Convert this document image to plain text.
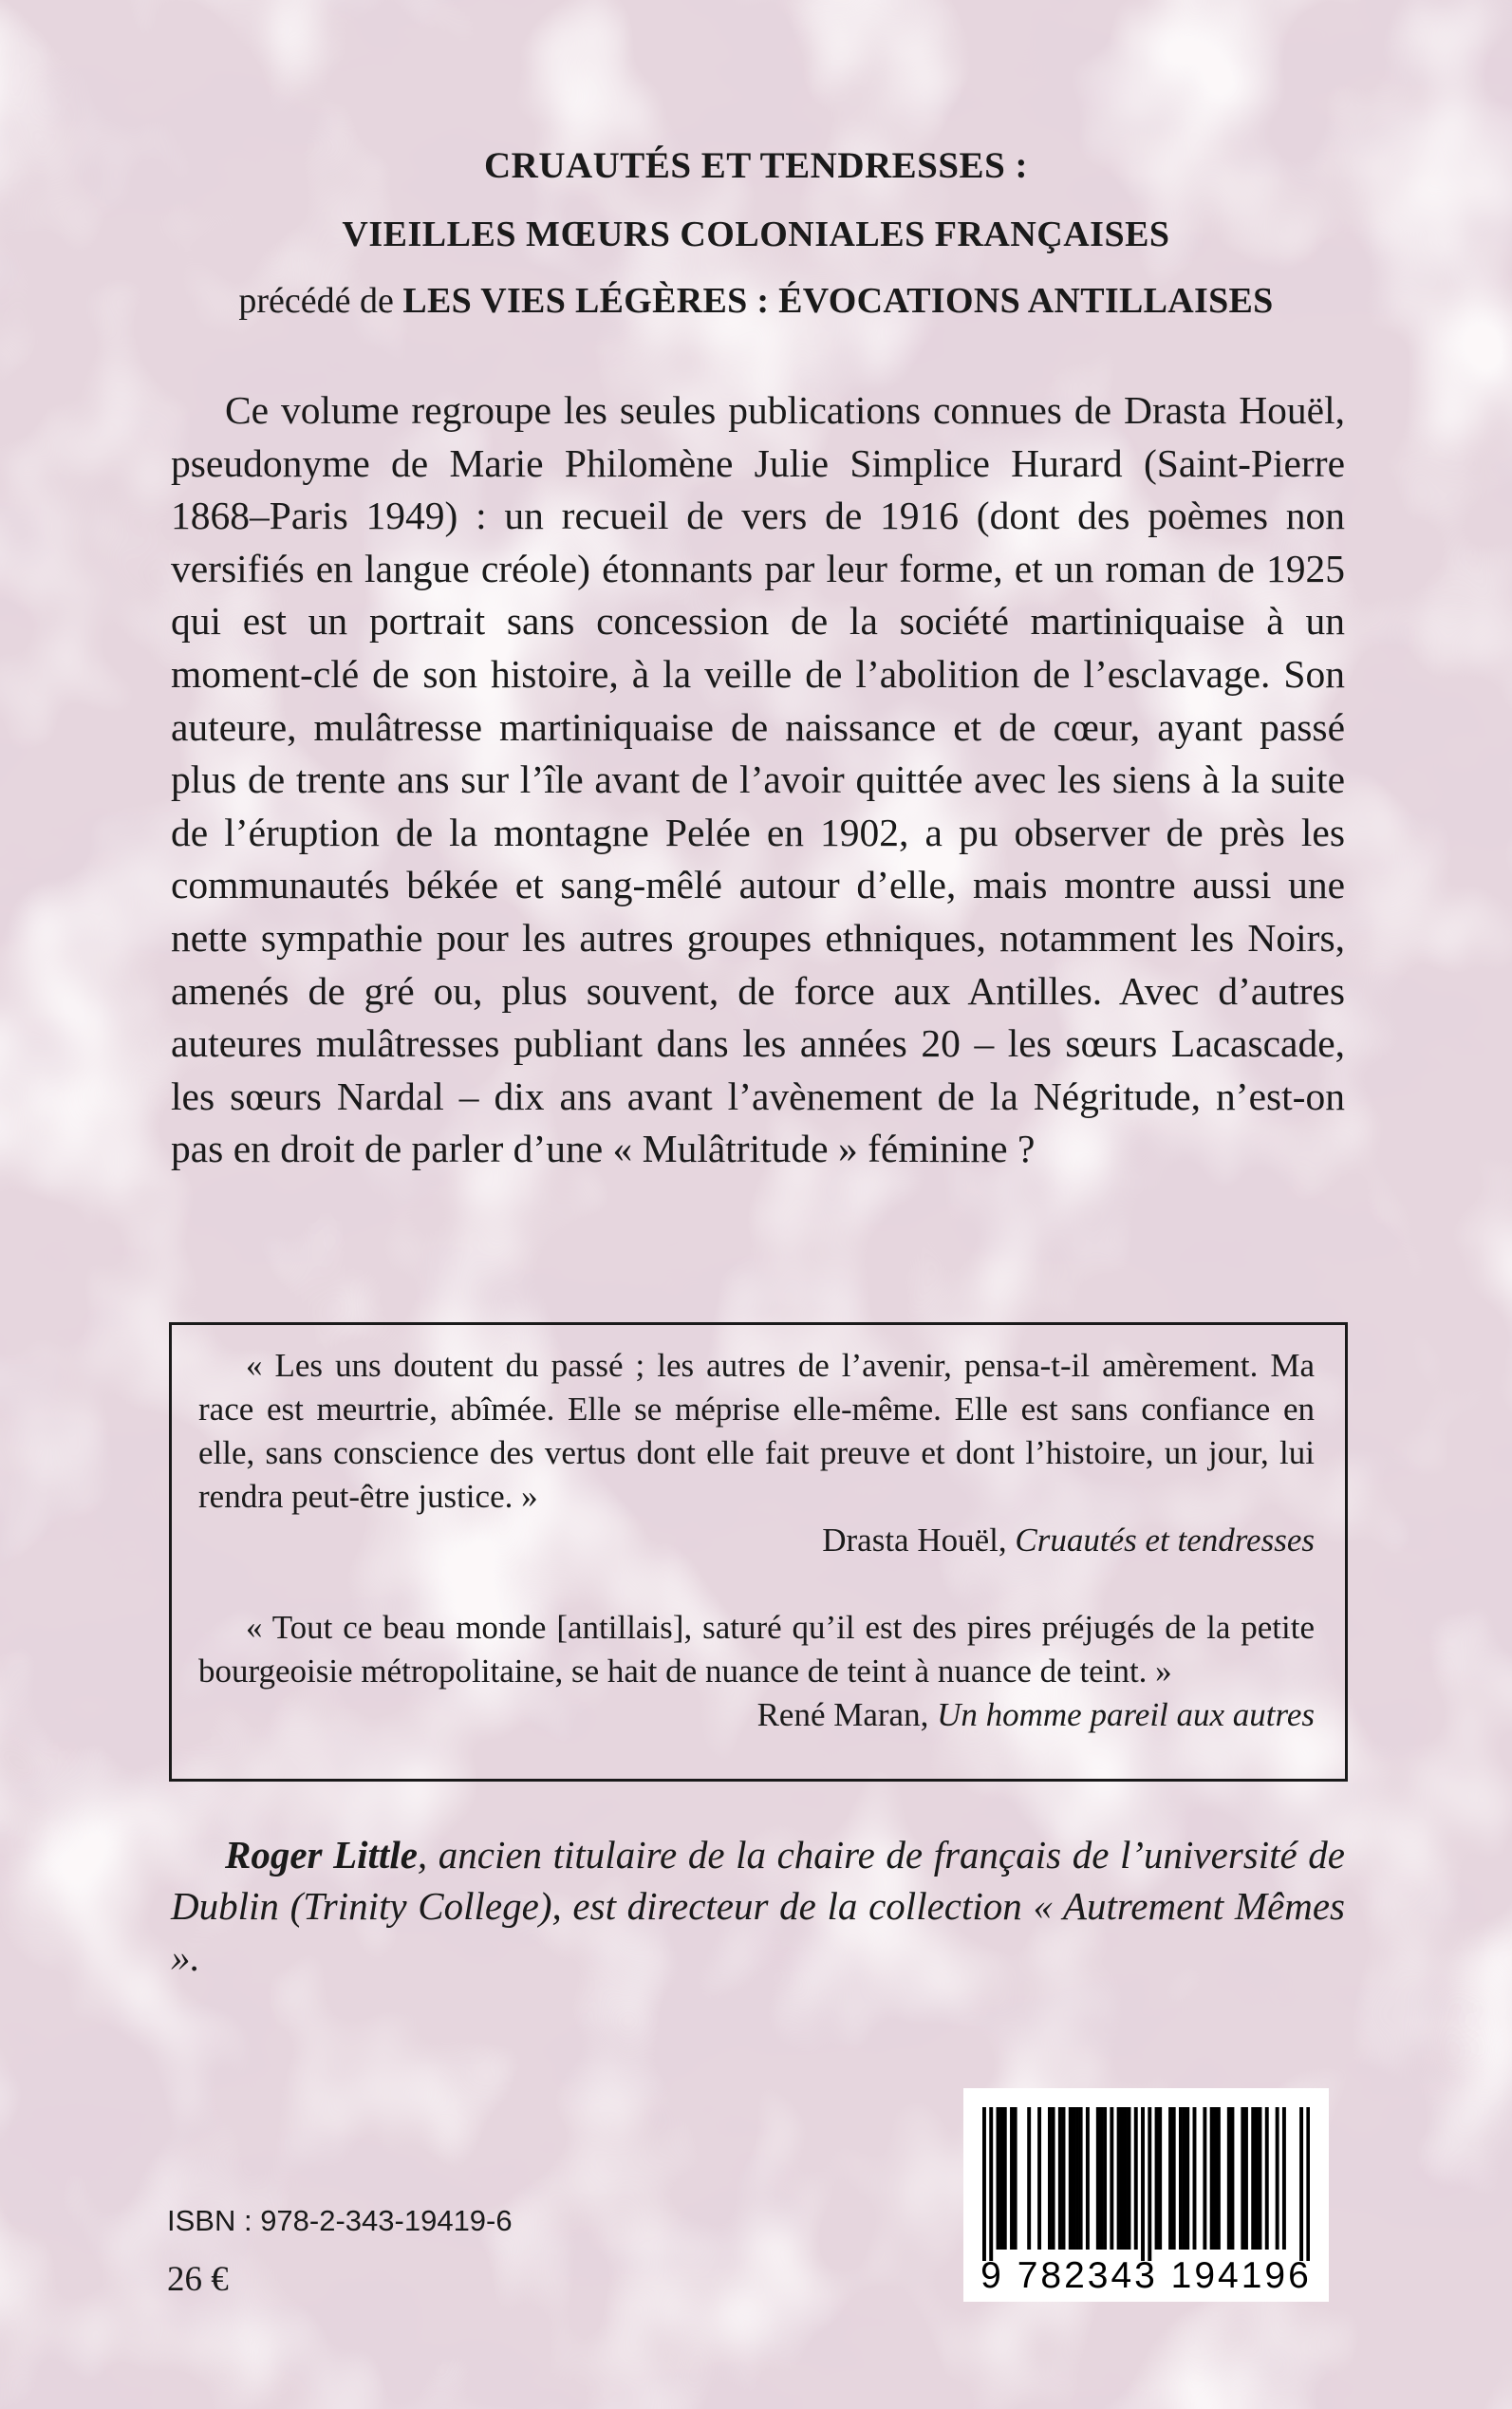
CRUAUTÉS ET TENDRESSES :
VIEILLES MŒURS COLONIALES FRANÇAISES
précédé de LES VIES LÉGÈRES : ÉVOCATIONS ANTILLAISES

Ce volume regroupe les seules publications connues de Drasta Houël, pseudonyme de Marie Philomène Julie Simplice Hurard (Saint-Pierre 1868–Paris 1949) : un recueil de vers de 1916 (dont des poèmes non versifiés en langue créole) étonnants par leur forme, et un roman de 1925 qui est un portrait sans concession de la société martiniquaise à un moment-clé de son histoire, à la veille de l’abolition de l’esclavage. Son auteure, mulâtresse martiniquaise de naissance et de cœur, ayant passé plus de trente ans sur l’île avant de l’avoir quittée avec les siens à la suite de l’éruption de la montagne Pelée en 1902, a pu observer de près les communautés békée et sang-mêlé autour d’elle, mais montre aussi une nette sympathie pour les autres groupes ethniques, notamment les Noirs, amenés de gré ou, plus souvent, de force aux Antilles. Avec d’autres auteures mulâtresses publiant dans les années 20 – les sœurs Lacascade, les sœurs Nardal – dix ans avant l’avènement de la Négritude, n’est-on pas en droit de parler d’une « Mulâtritude » féminine ?

« Les uns doutent du passé ; les autres de l’avenir, pensa-t-il amèrement. Ma race est meurtrie, abîmée. Elle se méprise elle-même. Elle est sans confiance en elle, sans conscience des vertus dont elle fait preuve et dont l’histoire, un jour, lui rendra peut-être justice. »

Drasta Houël, Cruautés et tendresses

« Tout ce beau monde [antillais], saturé qu’il est des pires préjugés de la petite bourgeoisie métropolitaine, se hait de nuance de teint à nuance de teint. »

René Maran, Un homme pareil aux autres

Roger Little, ancien titulaire de la chaire de français de l’université de Dublin (Trinity College), est directeur de la collection « Autrement Mêmes ».

ISBN : 978-2-343-19419-6
26 €	9 782343 194196
